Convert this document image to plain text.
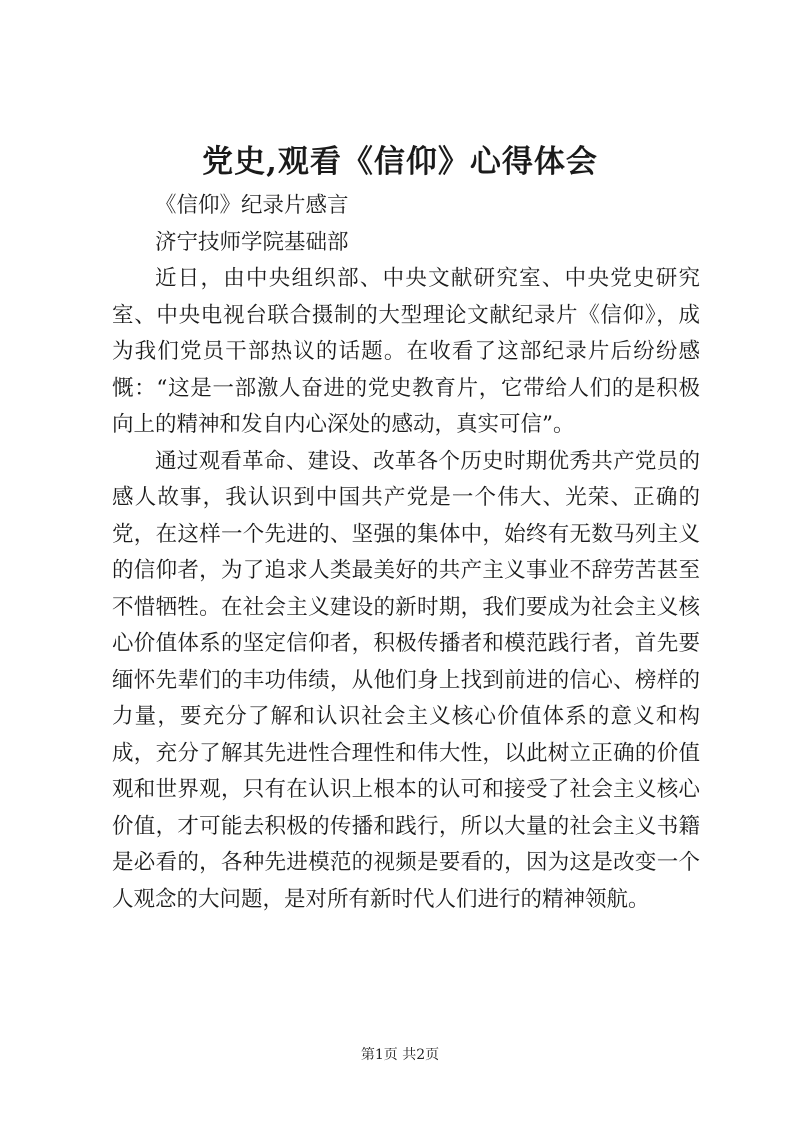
党史,观看《信仰》心得体会

《信仰》纪录片感言

济宁技师学院基础部

近日，由中央组织部、中央文献研究室、中央党史研究室、中央电视台联合摄制的大型理论文献纪录片《信仰》，成为我们党员干部热议的话题。在收看了这部纪录片后纷纷感慨：“这是一部激人奋进的党史教育片，它带给人们的是积极向上的精神和发自内心深处的感动，真实可信”。

通过观看革命、建设、改革各个历史时期优秀共产党员的感人故事，我认识到中国共产党是一个伟大、光荣、正确的党，在这样一个先进的、坚强的集体中，始终有无数马列主义的信仰者，为了追求人类最美好的共产主义事业不辞劳苦甚至不惜牺牲。在社会主义建设的新时期，我们要成为社会主义核心价值体系的坚定信仰者，积极传播者和模范践行者，首先要缅怀先辈们的丰功伟绩，从他们身上找到前进的信心、榜样的力量，要充分了解和认识社会主义核心价值体系的意义和构成，充分了解其先进性合理性和伟大性，以此树立正确的价值观和世界观，只有在认识上根本的认可和接受了社会主义核心价值，才可能去积极的传播和践行，所以大量的社会主义书籍是必看的，各种先进模范的视频是要看的，因为这是改变一个人观念的大问题，是对所有新时代人们进行的精神领航。

第1页 共2页
